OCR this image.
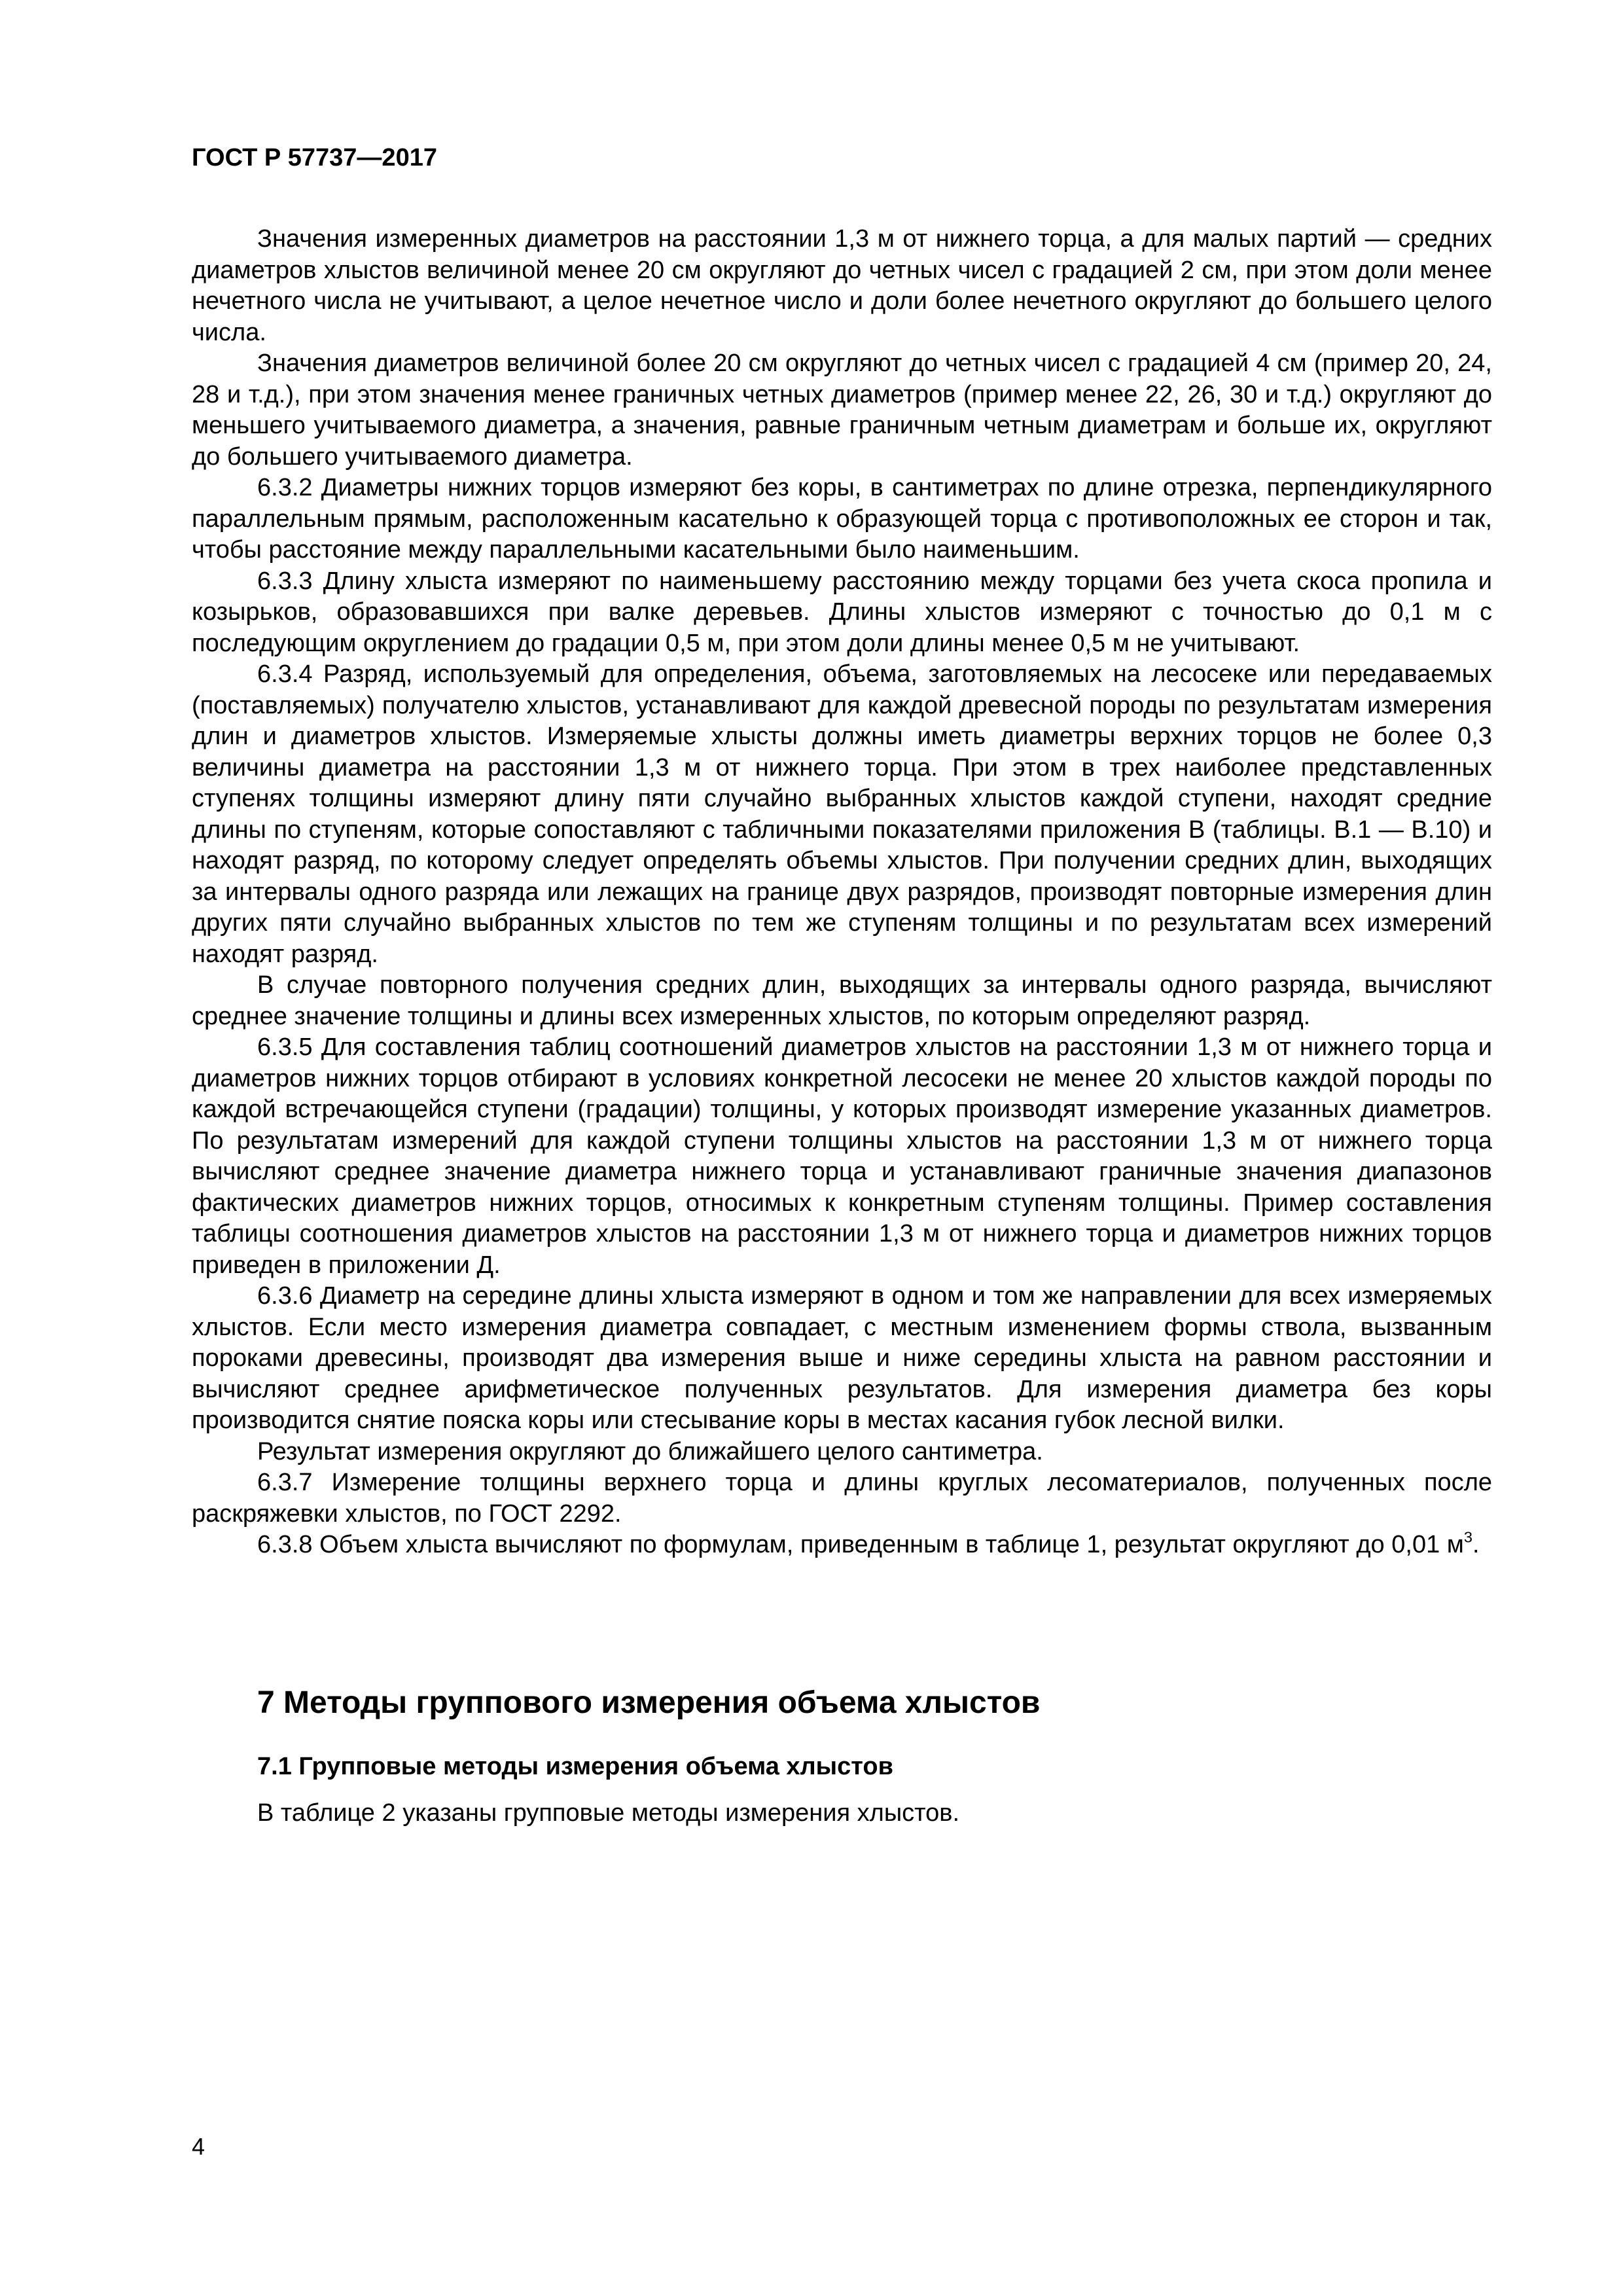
ГОСТ Р 57737—2017

Значения измеренных диаметров на расстоянии 1,3 м от нижнего торца, а для малых партий — средних диаметров хлыстов величиной менее 20 см округляют до четных чисел с градацией 2 см, при этом доли менее нечетного числа не учитывают, а целое нечетное число и доли более нечетного округляют до большего целого числа.

Значения диаметров величиной более 20 см округляют до четных чисел с градацией 4 см (пример 20, 24, 28 и т.д.), при этом значения менее граничных четных диаметров (пример менее 22, 26, 30 и т.д.) округляют до меньшего учитываемого диаметра, а значения, равные граничным четным диаметрам и больше их, округляют до большего учитываемого диаметра.

6.3.2 Диаметры нижних торцов измеряют без коры, в сантиметрах по длине отрезка, перпендикулярного параллельным прямым, расположенным касательно к образующей торца с противоположных ее сторон и так, чтобы расстояние между параллельными касательными было наименьшим.

6.3.3 Длину хлыста измеряют по наименьшему расстоянию между торцами без учета скоса пропила и козырьков, образовавшихся при валке деревьев. Длины хлыстов измеряют с точностью до 0,1 м с последующим округлением до градации 0,5 м, при этом доли длины менее 0,5 м не учитывают.

6.3.4 Разряд, используемый для определения, объема, заготовляемых на лесосеке или передаваемых (поставляемых) получателю хлыстов, устанавливают для каждой древесной породы по результатам измерения длин и диаметров хлыстов. Измеряемые хлысты должны иметь диаметры верхних торцов не более 0,3 величины диаметра на расстоянии 1,3 м от нижнего торца. При этом в трех наиболее представленных ступенях толщины измеряют длину пяти случайно выбранных хлыстов каждой ступени, находят средние длины по ступеням, которые сопоставляют с табличными показателями приложения В (таблицы. В.1 — В.10) и находят разряд, по которому следует определять объемы хлыстов. При получении средних длин, выходящих за интервалы одного разряда или лежащих на границе двух разрядов, производят повторные измерения длин других пяти случайно выбранных хлыстов по тем же ступеням толщины и по результатам всех измерений находят разряд.

В случае повторного получения средних длин, выходящих за интервалы одного разряда, вычисляют среднее значение толщины и длины всех измеренных хлыстов, по которым определяют разряд.

6.3.5 Для составления таблиц соотношений диаметров хлыстов на расстоянии 1,3 м от нижнего торца и диаметров нижних торцов отбирают в условиях конкретной лесосеки не менее 20 хлыстов каждой породы по каждой встречающейся ступени (градации) толщины, у которых производят измерение указанных диаметров. По результатам измерений для каждой ступени толщины хлыстов на расстоянии 1,3 м от нижнего торца вычисляют среднее значение диаметра нижнего торца и устанавливают граничные значения диапазонов фактических диаметров нижних торцов, относимых к конкретным ступеням толщины. Пример составления таблицы соотношения диаметров хлыстов на расстоянии 1,3 м от нижнего торца и диаметров нижних торцов приведен в приложении Д.

6.3.6 Диаметр на середине длины хлыста измеряют в одном и том же направлении для всех измеряемых хлыстов. Если место измерения диаметра совпадает, с местным изменением формы ствола, вызванным пороками древесины, производят два измерения выше и ниже середины хлыста на равном расстоянии и вычисляют среднее арифметическое полученных результатов. Для измерения диаметра без коры производится снятие пояска коры или стесывание коры в местах касания губок лесной вилки.

Результат измерения округляют до ближайшего целого сантиметра.

6.3.7 Измерение толщины верхнего торца и длины круглых лесоматериалов, полученных после раскряжевки хлыстов, по ГОСТ 2292.

6.3.8 Объем хлыста вычисляют по формулам, приведенным в таблице 1, результат округляют до 0,01 $м^3$.

7 Методы группового измерения объема хлыстов
7.1 Групповые методы измерения объема хлыстов

В таблице 2 указаны групповые методы измерения хлыстов.

4
